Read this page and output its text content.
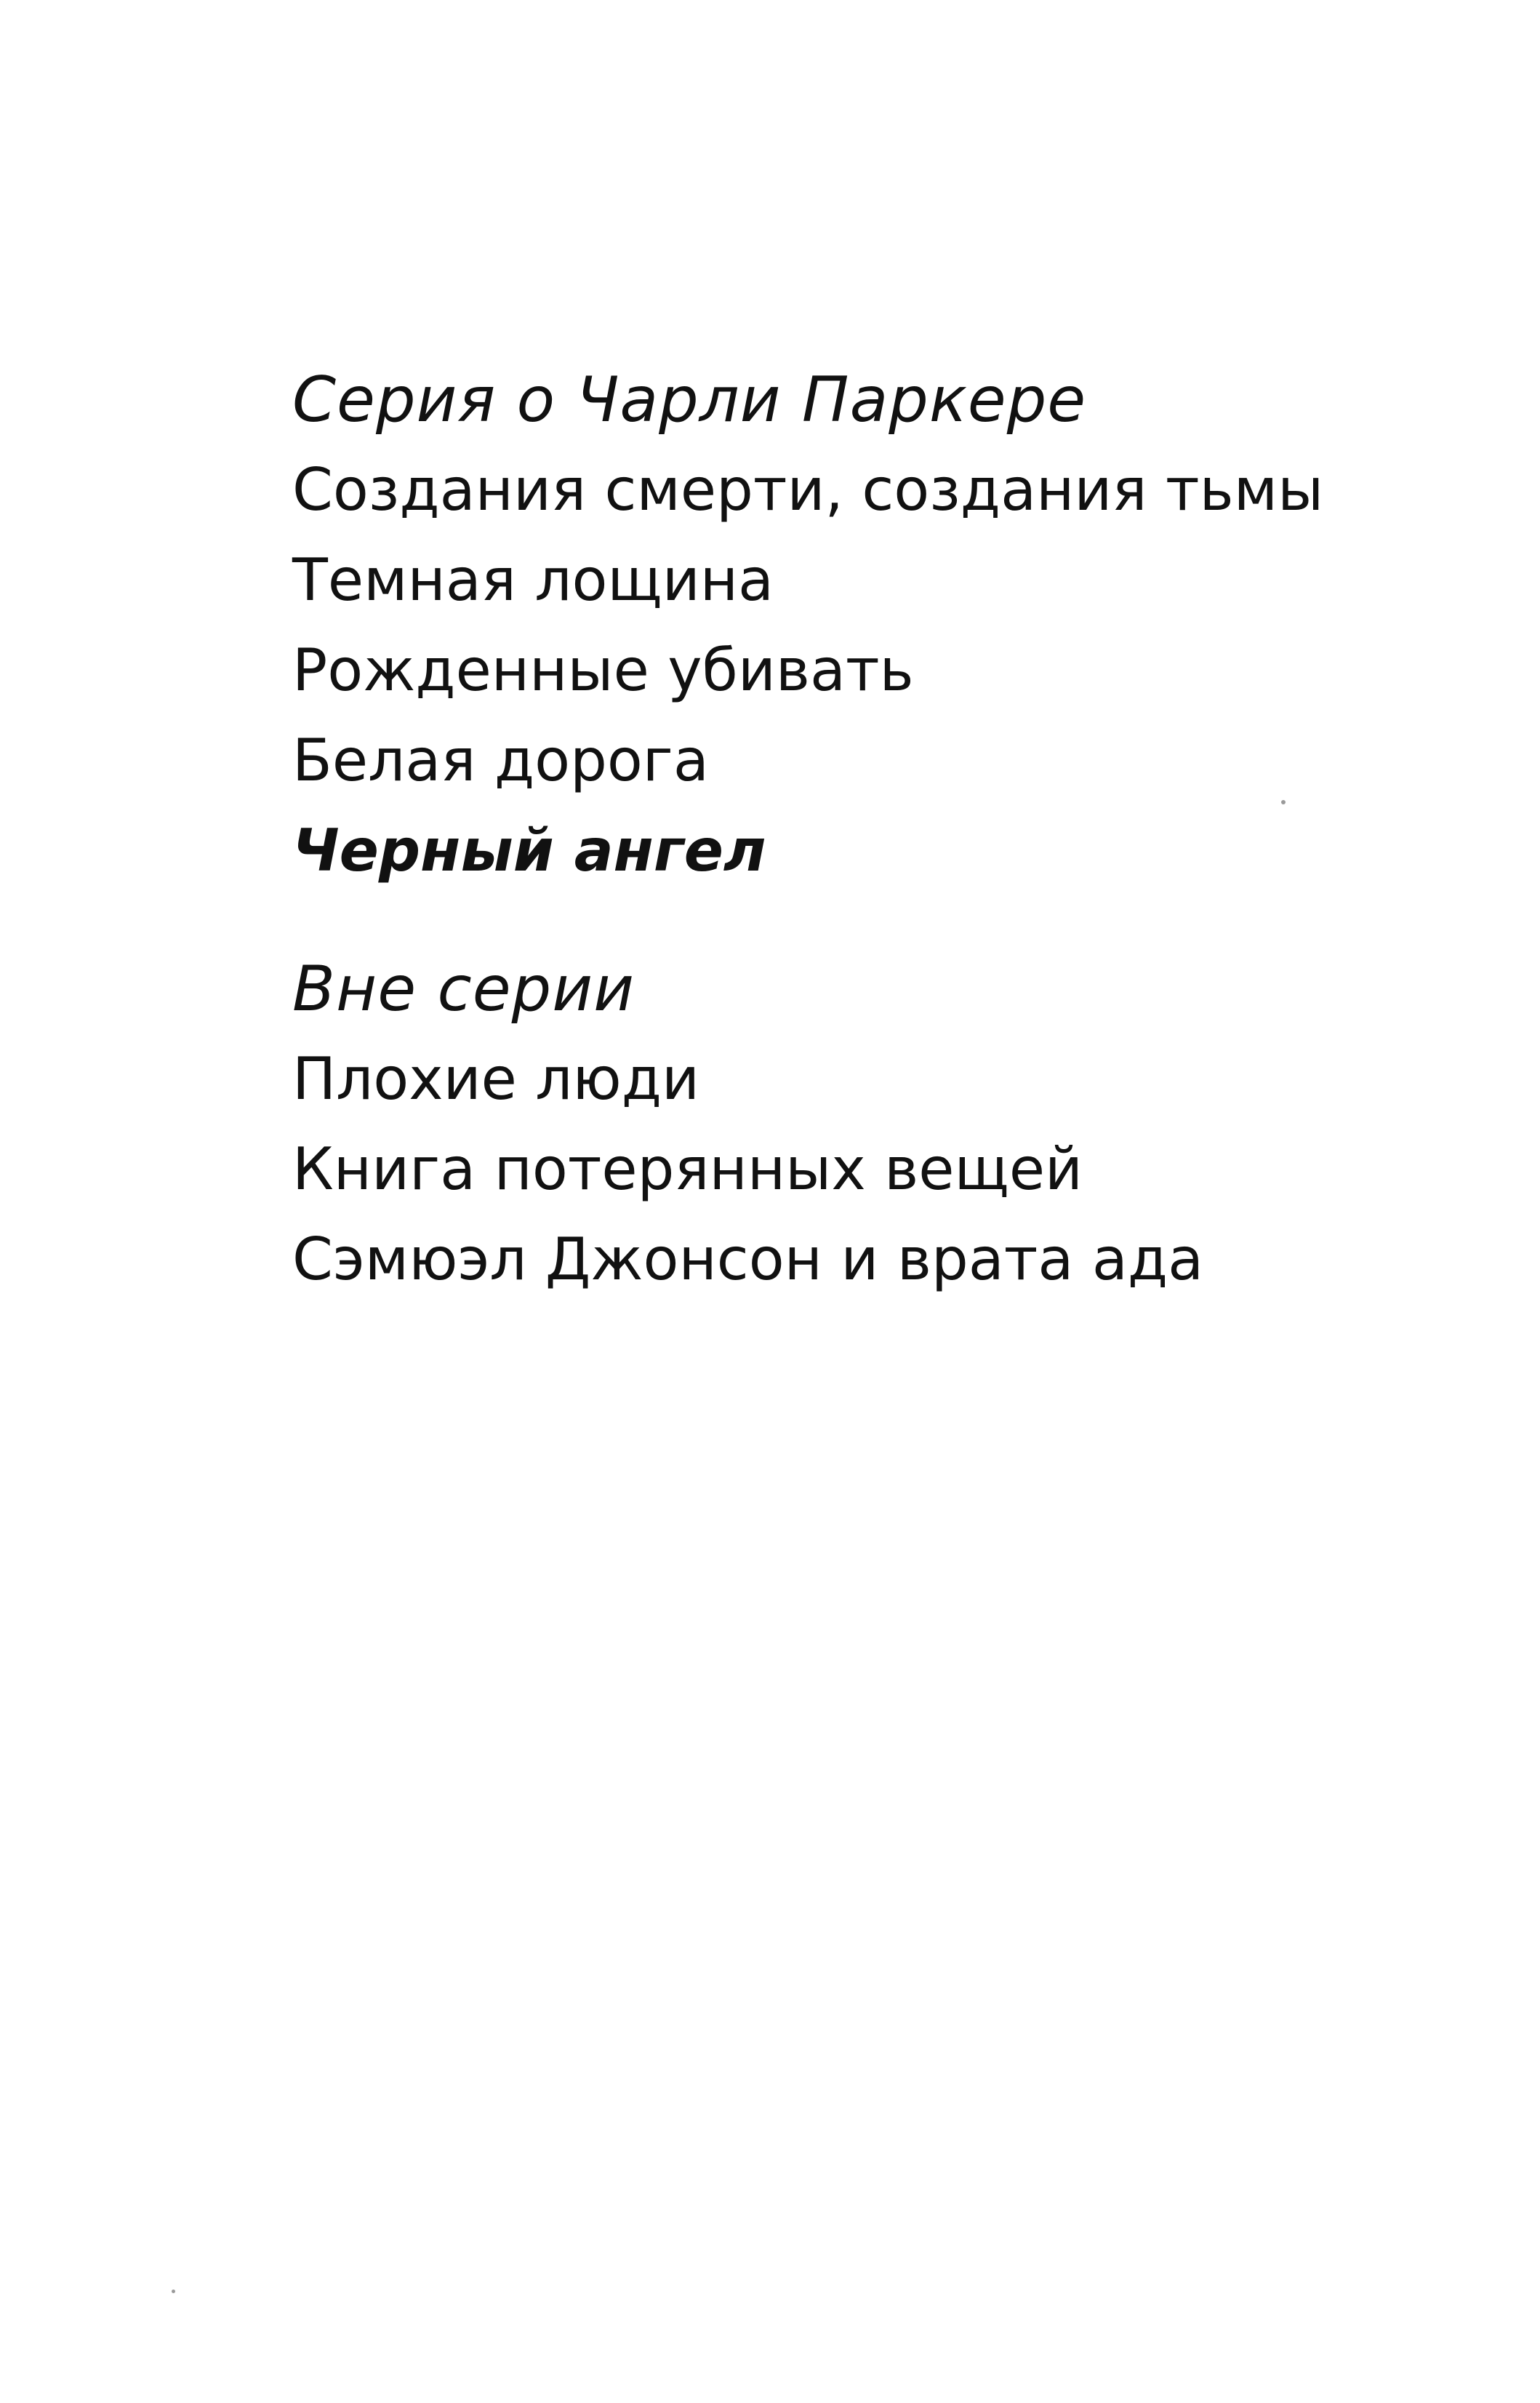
Серия о Чарли Паркере
Создания смерти, создания тьмы
Темная лощина
Рожденные убивать
Белая дорога
Черный ангел
Вне серии
Плохие люди
Книга потерянных вещей
Сэмюэл Джонсон и врата ада
